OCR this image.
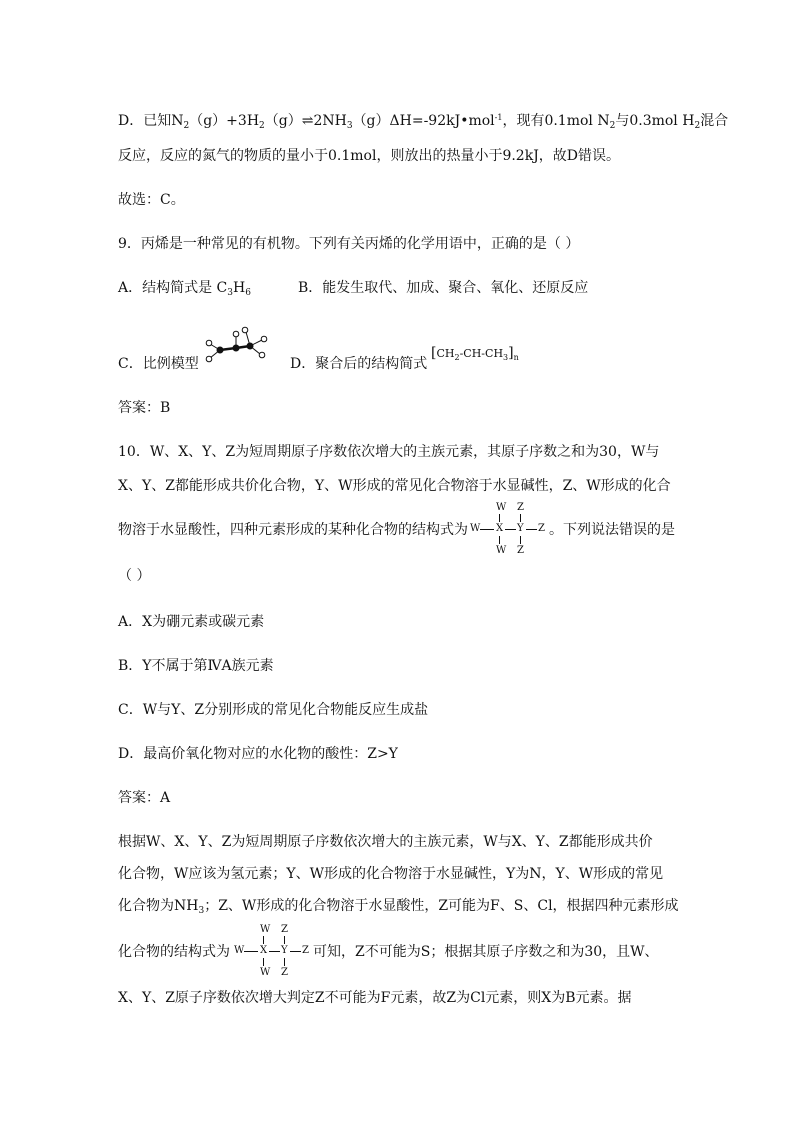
D．已知$N_2(g)+3H_2(g)\rightleftharpoons 2NH_3(g)\Delta H=-92kJ•mol^{-1}$，现有0.1mol $N_2$与0.3mol $H_2$混合
反应，反应的氮气的物质的量小于0.1mol，则放出的热量小于9.2kJ，故D错误。
故选：C。
9．丙烯是一种常见的有机物。下列有关丙烯的化学用语中，正确的是（ ）
A．结构简式是 $C_3H_6$	B．能发生取代、加成、聚合、氧化、还原反应
C．比例模型	D．聚合后的结构简式
$[CH_2-CH-CH_3]_n$
答案：B
10．W、X、Y、Z为短周期原子序数依次增大的主族元素，其原子序数之和为30，W与
X、Y、Z都能形成共价化合物，Y、W形成的常见化合物溶于水显碱性，Z、W形成的化合
物溶于水显酸性，四种元素形成的某种化合物的结构式为
W Z
W X Y Z
W Z
。下列说法错误的是
（ ）
A．X为硼元素或碳元素
B．Y不属于第ⅣA族元素
C．W与Y、Z分别形成的常见化合物能反应生成盐
D．最高价氧化物对应的水化物的酸性：Z>Y
答案：A
根据W、X、Y、Z为短周期原子序数依次增大的主族元素，W与X、Y、Z都能形成共价
化合物，W应该为氢元素；Y、W形成的化合物溶于水显碱性，Y为N，Y、W形成的常见
化合物为$NH_3$；Z、W形成的化合物溶于水显酸性，Z可能为F、S、Cl，根据四种元素形成
化合物的结构式为
W Z
W X Y Z
W Z
可知，Z不可能为S；根据其原子序数之和为30，且W、
X、Y、Z原子序数依次增大判定Z不可能为F元素，故Z为Cl元素，则X为B元素。据
